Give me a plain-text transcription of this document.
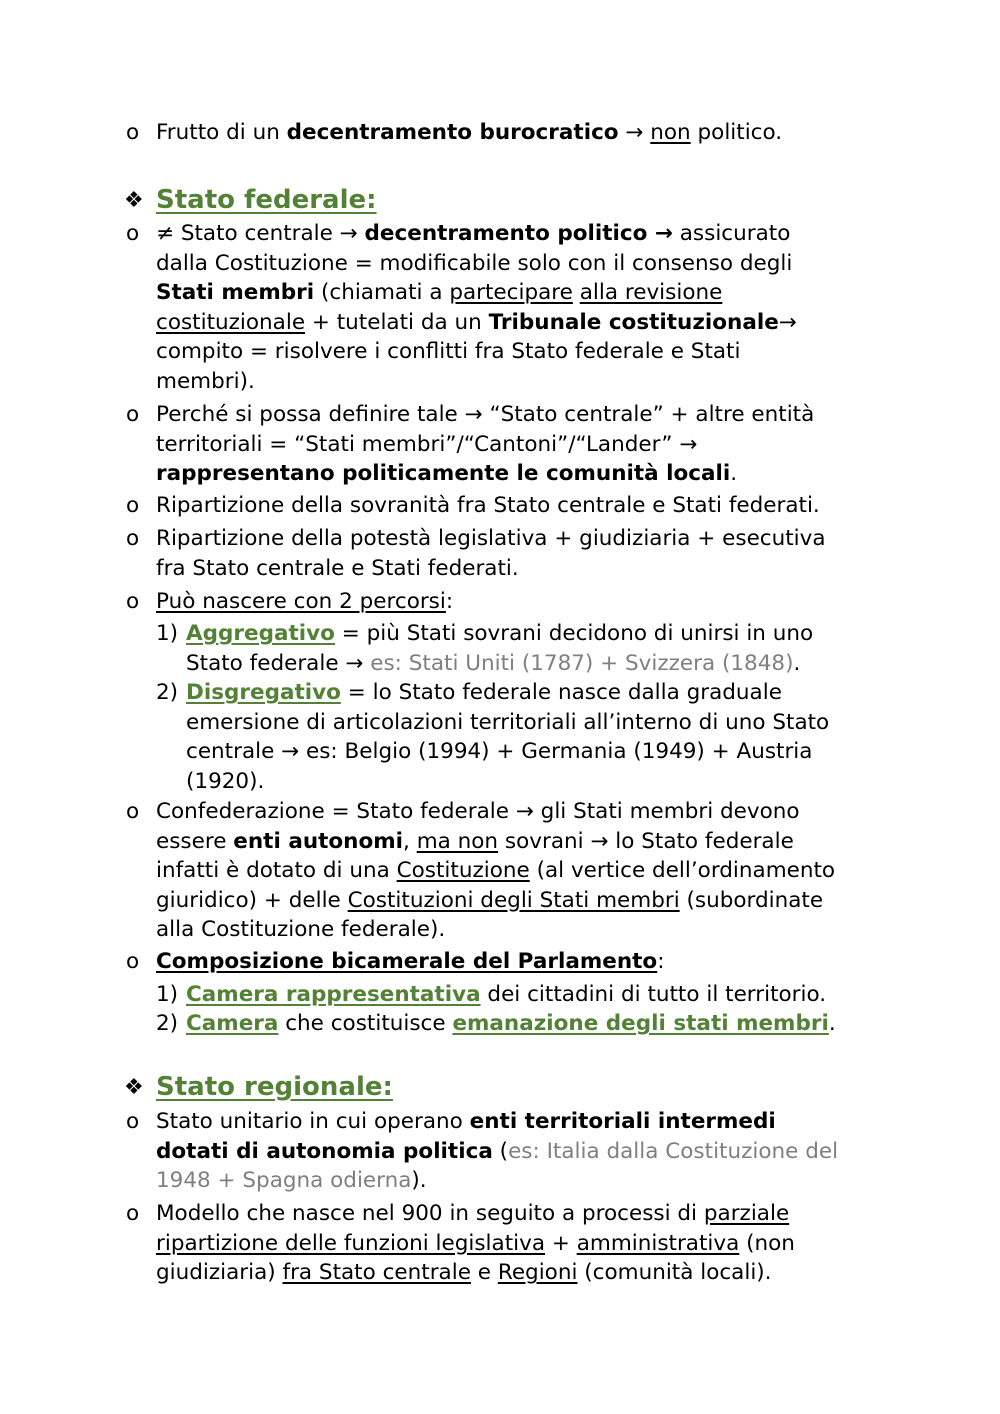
o Frutto di un decentramento burocratico → non politico.
❖ Stato federale:
o ≠ Stato centrale → decentramento politico → assicurato
dalla Costituzione = modificabile solo con il consenso degli
Stati membri (chiamati a partecipare alla revisione
costituzionale + tutelati da un Tribunale costituzionale→
compito = risolvere i conflitti fra Stato federale e Stati
membri).
o Perché si possa definire tale → “Stato centrale” + altre entità
territoriali = “Stati membri”/“Cantoni”/“Lander” →
rappresentano politicamente le comunità locali.
o Ripartizione della sovranità fra Stato centrale e Stati federati.
o Ripartizione della potestà legislativa + giudiziaria + esecutiva
fra Stato centrale e Stati federati.
o Può nascere con 2 percorsi:
1) Aggregativo = più Stati sovrani decidono di unirsi in uno
Stato federale → es: Stati Uniti (1787) + Svizzera (1848).
2) Disgregativo = lo Stato federale nasce dalla graduale
emersione di articolazioni territoriali all’interno di uno Stato
centrale → es: Belgio (1994) + Germania (1949) + Austria
(1920).
o Confederazione = Stato federale → gli Stati membri devono
essere enti autonomi, ma non sovrani → lo Stato federale
infatti è dotato di una Costituzione (al vertice dell’ordinamento
giuridico) + delle Costituzioni degli Stati membri (subordinate
alla Costituzione federale).
o Composizione bicamerale del Parlamento:
1) Camera rappresentativa dei cittadini di tutto il territorio.
2) Camera che costituisce emanazione degli stati membri.
❖ Stato regionale:
o Stato unitario in cui operano enti territoriali intermedi
dotati di autonomia politica (es: Italia dalla Costituzione del
1948 + Spagna odierna).
o Modello che nasce nel 900 in seguito a processi di parziale
ripartizione delle funzioni legislativa + amministrativa (non
giudiziaria) fra Stato centrale e Regioni (comunità locali).
